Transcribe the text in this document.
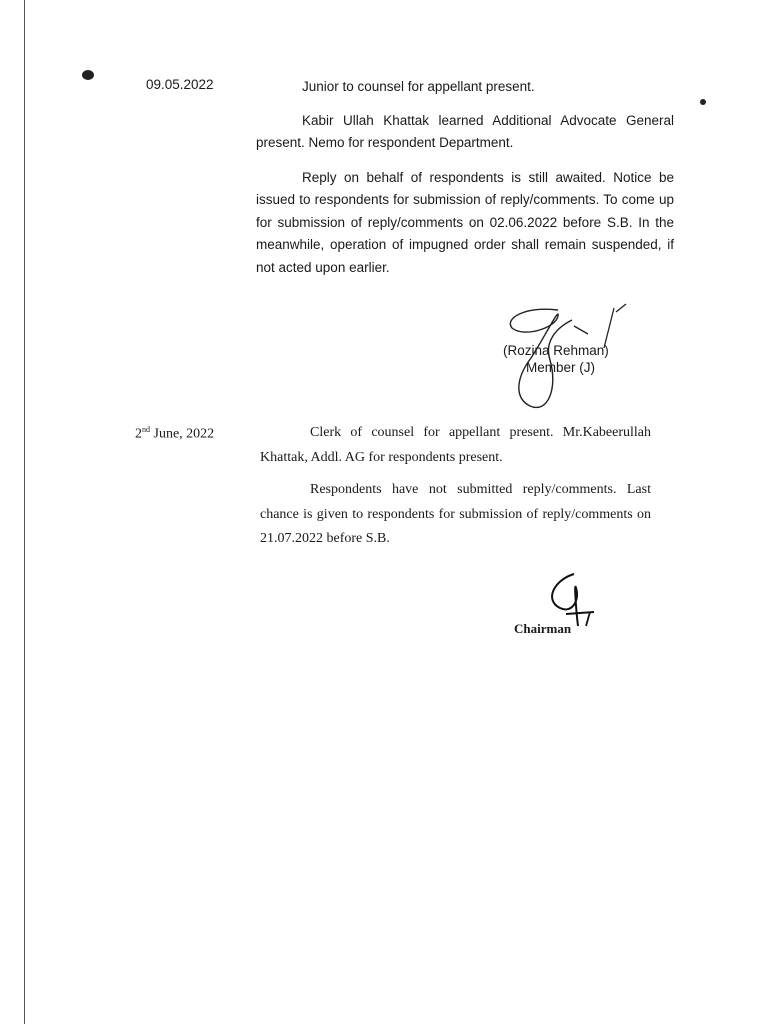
09.05.2022	Junior to counsel for appellant present.

Kabir Ullah Khattak learned Additional Advocate General present. Nemo for respondent Department.

Reply on behalf of respondents is still awaited. Notice be issued to respondents for submission of reply/comments. To come up for submission of reply/comments on 02.06.2022 before S.B. In the meanwhile, operation of impugned order shall remain suspended, if not acted upon earlier.

(Rozina Rehman)
Member (J)
2nd June, 2022	Clerk of counsel for appellant present. Mr.Kabeerullah Khattak, Addl. AG for respondents present.

Respondents have not submitted reply/comments. Last chance is given to respondents for submission of reply/comments on 21.07.2022 before S.B.

Chairman
